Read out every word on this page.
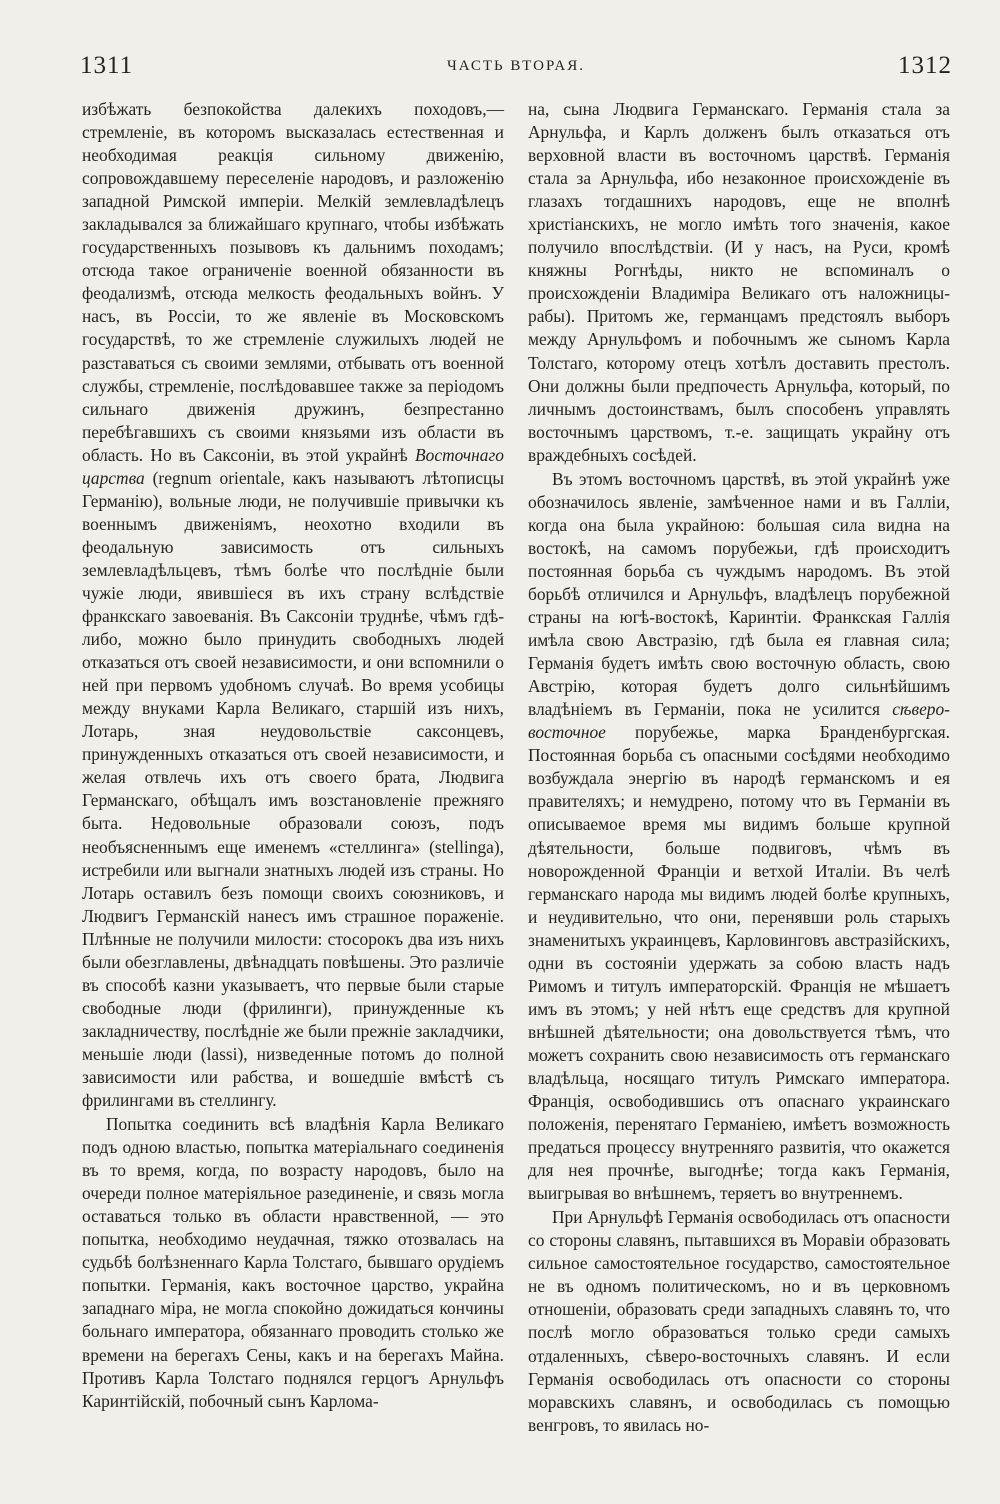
1311	ЧАСТЬ ВТОРАЯ.	1312

избѣжать безпокойства далекихъ походовъ,—стремленіе, въ которомъ высказалась естественная и необходимая реакція сильному движенію, сопровождавшему переселеніе народовъ, и разложенію западной Римской имперіи. Мелкій землевладѣлецъ закладывался за ближайшаго крупнаго, чтобы избѣжать государственныхъ позывовъ къ дальнимъ походамъ; отсюда такое ограниченіе военной обязанности въ феодализмѣ, отсюда мелкость феодальныхъ войнъ. У насъ, въ Россіи, то же явленіе въ Московскомъ государствѣ, то же стремленіе служилыхъ людей не разставаться съ своими землями, отбывать отъ военной службы, стремленіе, послѣдовавшее также за періодомъ сильнаго движенія дружинъ, безпрестанно перебѣгавшихъ съ своими князьями изъ области въ область. Но въ Саксоніи, въ этой украйнѣ Восточнаго царства (regnum orientale, какъ называютъ лѣтописцы Германію), вольные люди, не получившіе привычки къ военнымъ движеніямъ, неохотно входили въ феодальную зависимость отъ сильныхъ землевладѣльцевъ, тѣмъ болѣе что послѣдніе были чужіе люди, явившіеся въ ихъ страну вслѣдствіе франкскаго завоеванія. Въ Саксоніи труднѣе, чѣмъ гдѣ-либо, можно было принудить свободныхъ людей отказаться отъ своей независимости, и они вспомнили о ней при первомъ удобномъ случаѣ. Во время усобицы между внуками Карла Великаго, старшій изъ нихъ, Лотарь, зная неудовольствіе саксонцевъ, принужденныхъ отказаться отъ своей независимости, и желая отвлечь ихъ отъ своего брата, Людвига Германскаго, обѣщалъ имъ возстановленіе прежняго быта. Недовольные образовали союзъ, подъ необъясненнымъ еще именемъ «стеллинга» (stellinga), истребили или выгнали знатныхъ людей изъ страны. Но Лотарь оставилъ безъ помощи своихъ союзниковъ, и Людвигъ Германскій нанесъ имъ страшное пораженіе. Плѣнные не получили милости: стосорокъ два изъ нихъ были обезглавлены, двѣнадцать повѣшены. Это различіе въ способѣ казни указываетъ, что первые были старые свободные люди (фрилинги), принужденные къ закладничеству, послѣдніе же были прежніе закладчики, меньшіе люди (lassi), низведенные потомъ до полной зависимости или рабства, и вошедшіе вмѣстѣ съ фрилингами въ стеллингу.

Попытка соединить всѣ владѣнія Карла Великаго подъ одною властью, попытка матеріальнаго соединенія въ то время, когда, по возрасту народовъ, было на очереди полное матеріяльное разединеніе, и связь могла оставаться только въ области нравственной, — это попытка, необходимо неудачная, тяжко отозвалась на судьбѣ болѣзненнаго Карла Толстаго, бывшаго орудіемъ попытки. Германія, какъ восточное царство, украйна западнаго міра, не могла спокойно дожидаться кончины больнаго императора, обязаннаго проводить столько же времени на берегахъ Сены, какъ и на берегахъ Майна. Противъ Карла Толстаго поднялся герцогъ Арнульфъ Каринтійскій, побочный сынъ Карлома-

на, сына Людвига Германскаго. Германія стала за Арнульфа, и Карлъ долженъ былъ отказаться отъ верховной власти въ восточномъ царствѣ. Германія стала за Арнульфа, ибо незаконное происхожденіе въ глазахъ тогдашнихъ народовъ, еще не вполнѣ христіанскихъ, не могло имѣть того значенія, какое получило впослѣдствіи. (И у насъ, на Руси, кромѣ княжны Рогнѣды, никто не вспоминалъ о происхожденіи Владиміра Великаго отъ наложницы-рабы). Притомъ же, германцамъ предстоялъ выборъ между Арнульфомъ и побочнымъ же сыномъ Карла Толстаго, которому отецъ хотѣлъ доставить престолъ. Они должны были предпочесть Арнульфа, который, по личнымъ достоинствамъ, былъ способенъ управлять восточнымъ царствомъ, т.-е. защищать украйну отъ враждебныхъ сосѣдей.

Въ этомъ восточномъ царствѣ, въ этой украйнѣ уже обозначилось явленіе, замѣченное нами и въ Галліи, когда она была украйною: большая сила видна на востокѣ, на самомъ порубежьи, гдѣ происходитъ постоянная борьба съ чуждымъ народомъ. Въ этой борьбѣ отличился и Арнульфъ, владѣлецъ порубежной страны на югѣ-востокѣ, Каринтіи. Франкская Галлія имѣла свою Австразію, гдѣ была ея главная сила; Германія будетъ имѣть свою восточную область, свою Австрію, которая будетъ долго сильнѣйшимъ владѣніемъ въ Германіи, пока не усилится сѣверо-восточное порубежье, марка Бранденбургская. Постоянная борьба съ опасными сосѣдями необходимо возбуждала энергію въ народѣ германскомъ и ея правителяхъ; и немудрено, потому что въ Германіи въ описываемое время мы видимъ больше крупной дѣятельности, больше подвиговъ, чѣмъ въ новорожденной Франціи и ветхой Италіи. Въ челѣ германскаго народа мы видимъ людей болѣе крупныхъ, и неудивительно, что они, перенявши роль старыхъ знаменитыхъ украинцевъ, Карловинговъ австразійскихъ, одни въ состояніи удержать за собою власть надъ Римомъ и титулъ императорскій. Франція не мѣшаетъ имъ въ этомъ; у ней нѣтъ еще средствъ для крупной внѣшней дѣятельности; она довольствуется тѣмъ, что можетъ сохранить свою независимость отъ германскаго владѣльца, носящаго титулъ Римскаго императора. Франція, освободившись отъ опаснаго украинскаго положенія, перенятаго Германіею, имѣетъ возможность предаться процессу внутренняго развитія, что окажется для нея прочнѣе, выгоднѣе; тогда какъ Германія, выигрывая во внѣшнемъ, теряетъ во внутреннемъ.

При Арнульфѣ Германія освободилась отъ опасности со стороны славянъ, пытавшихся въ Моравіи образовать сильное самостоятельное государство, самостоятельное не въ одномъ политическомъ, но и въ церковномъ отношеніи, образовать среди западныхъ славянъ то, что послѣ могло образоваться только среди самыхъ отдаленныхъ, сѣверо-восточныхъ славянъ. И если Германія освободилась отъ опасности со стороны моравскихъ славянъ, и освободилась съ помощью венгровъ, то явилась но-
